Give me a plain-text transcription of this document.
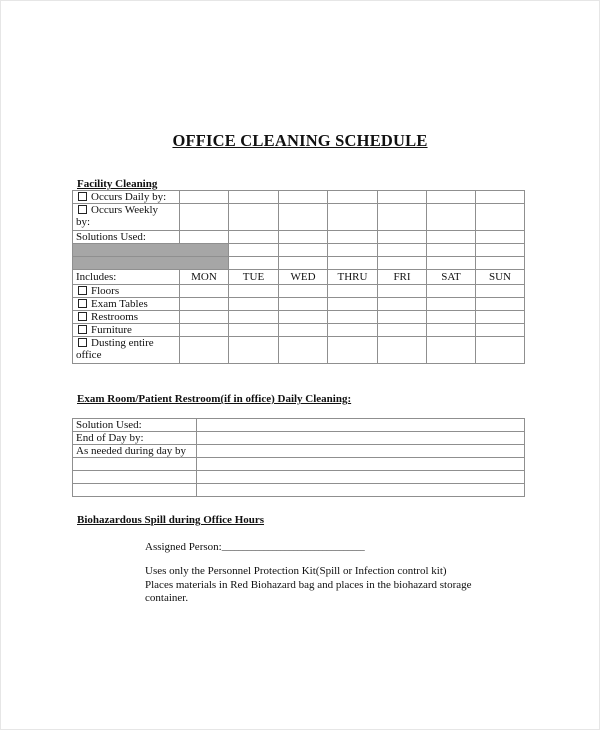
OFFICE CLEANING SCHEDULE
Facility Cleaning
Occurs Daily by:							
Occurs Weekly
by:							
Solutions Used:							

Includes:	MON	TUE	WED	THRU	FRI	SAT	SUN
Floors							
Exam Tables							
Restrooms							
Furniture							
Dusting entire
office							
Exam Room/Patient Restroom(if in office) Daily Cleaning:
Solution Used:	
End of Day by:	
As needed during day by	

Biohazardous Spill during Office Hours
Assigned Person:__________________________________
Uses only the Personnel Protection Kit(Spill or Infection control kit)
Places materials in Red Biohazard bag and places in the biohazard storage
container.
